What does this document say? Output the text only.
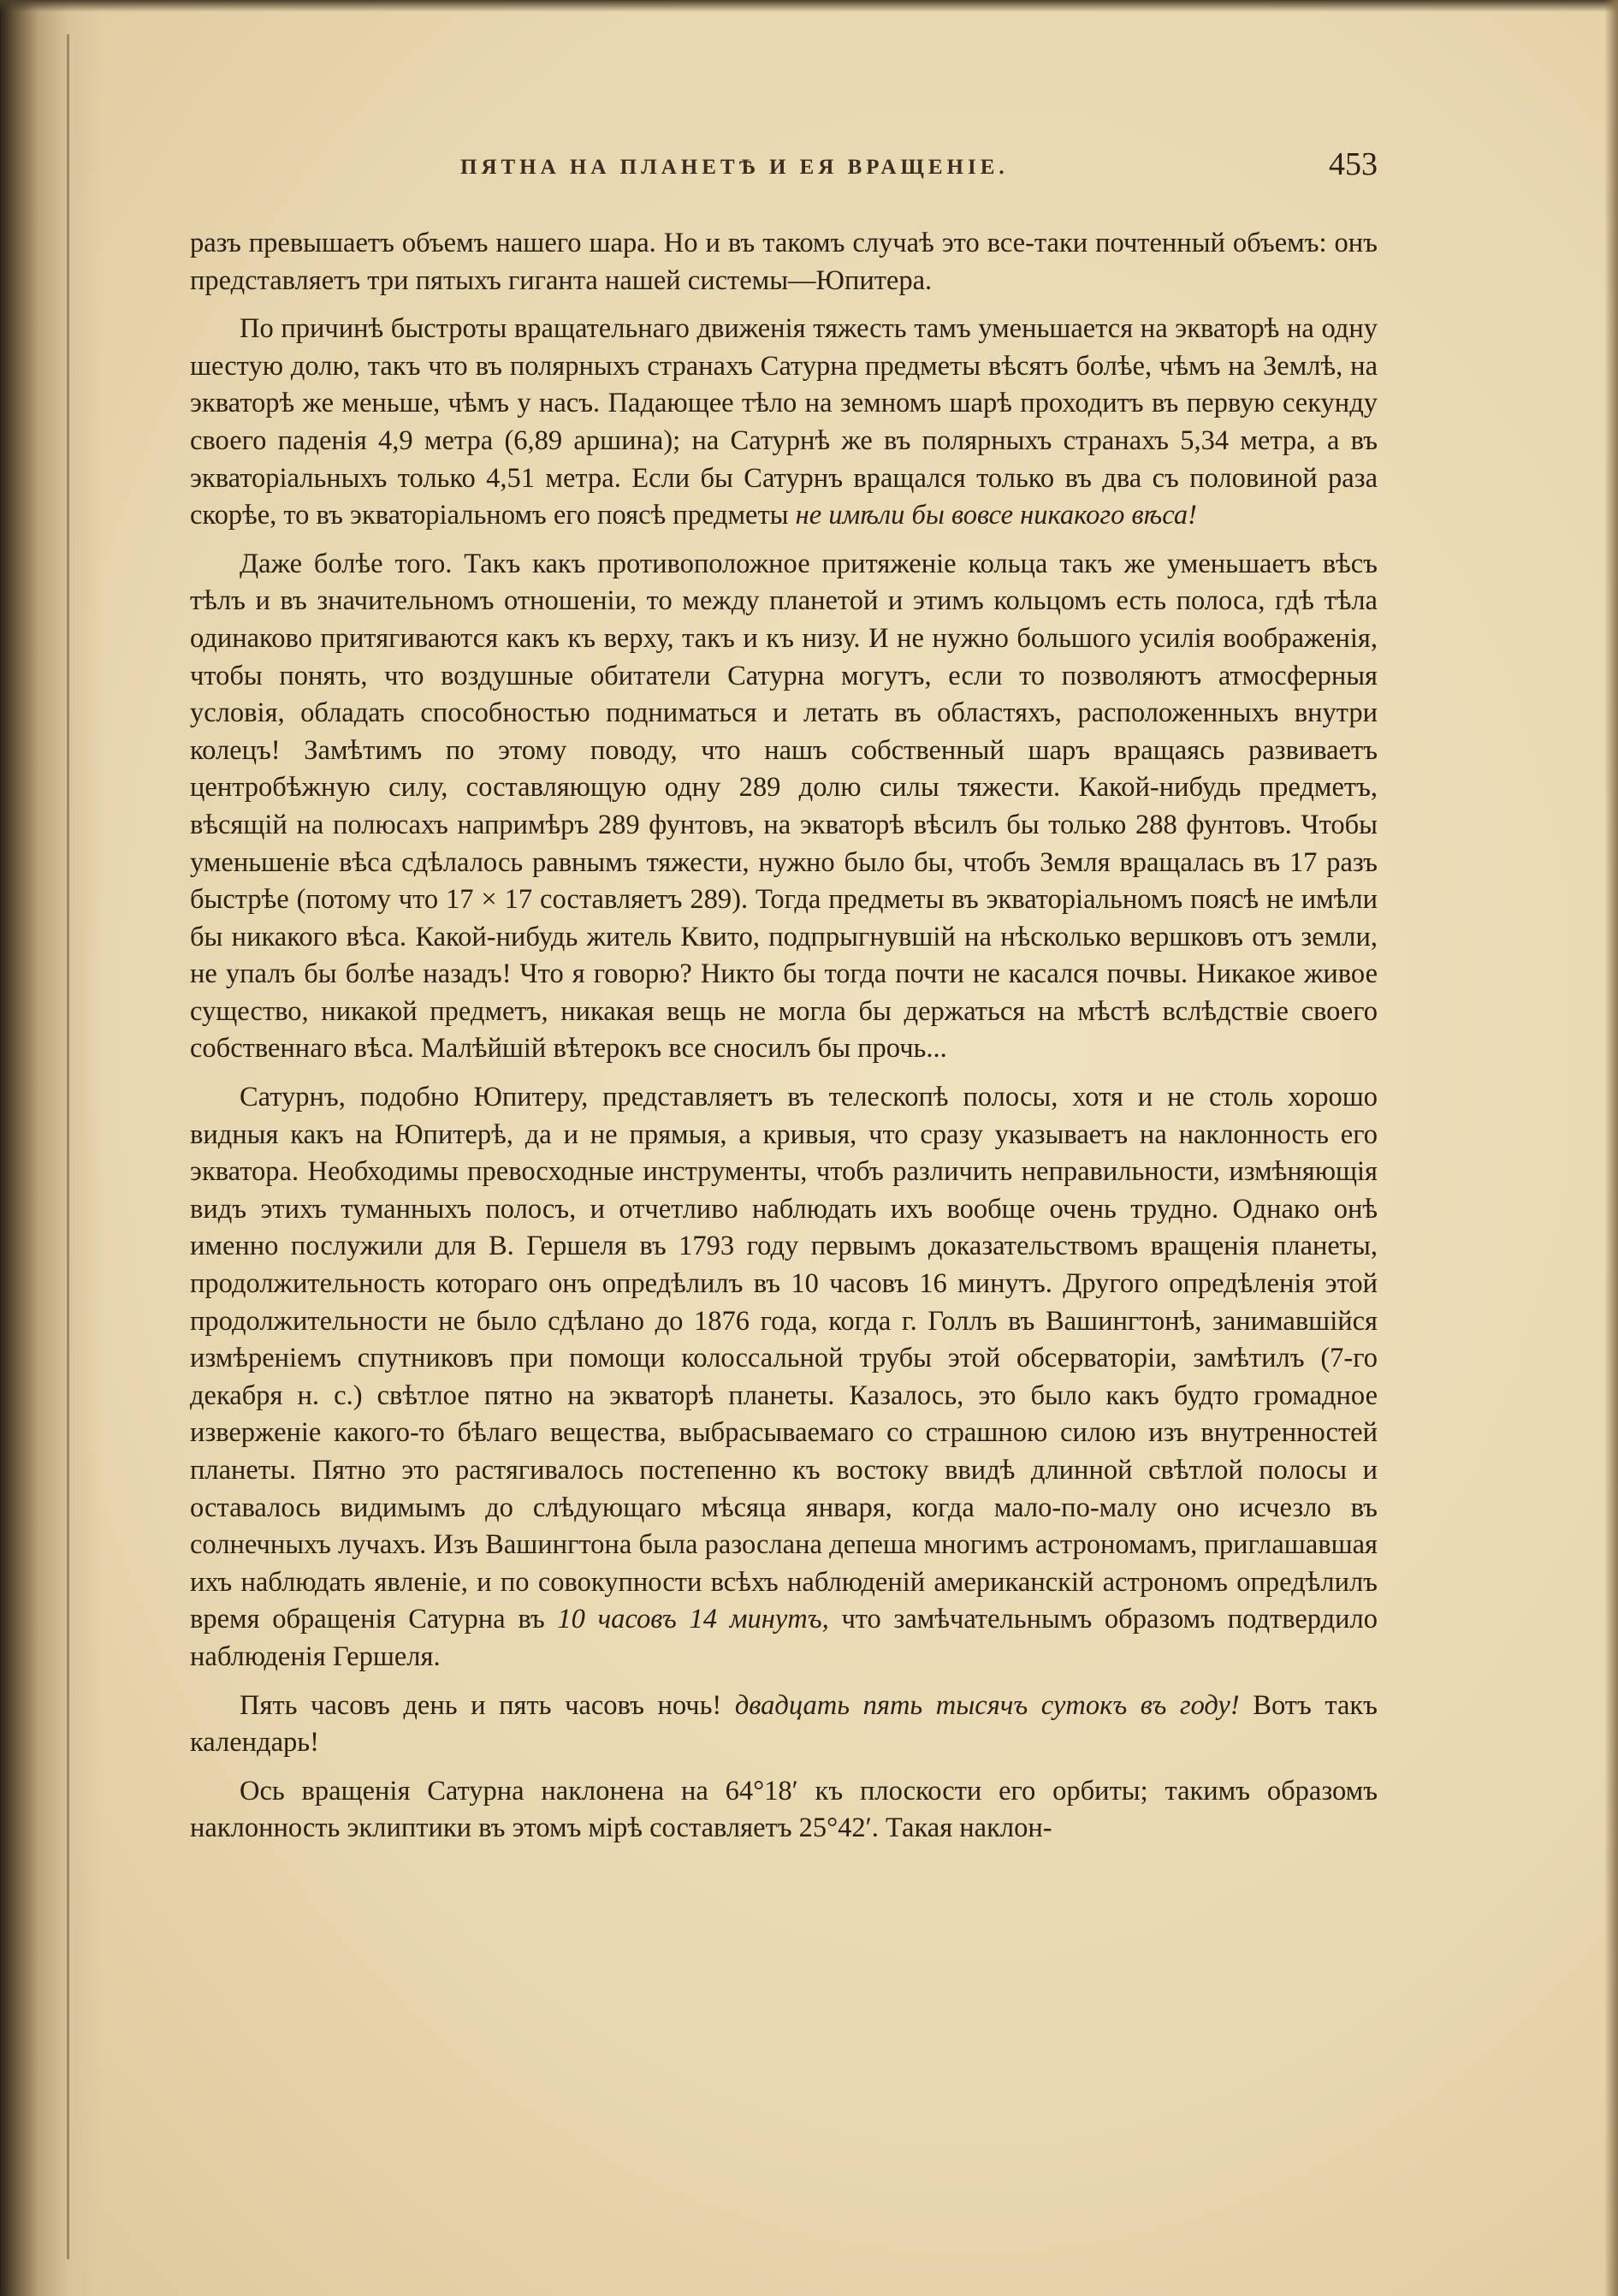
ПЯТНА НА ПЛАНЕТѢ И ЕЯ ВРАЩЕНІЕ.	453

разъ превышаетъ объемъ нашего шара. Но и въ такомъ случаѣ это все-таки почтенный объемъ: онъ представляетъ три пятыхъ гиганта нашей системы—Юпитера.

По причинѣ быстроты вращательнаго движенія тяжесть тамъ уменьшается на экваторѣ на одну шестую долю, такъ что въ полярныхъ странахъ Сатурна предметы вѣсятъ болѣе, чѣмъ на Землѣ, на экваторѣ же меньше, чѣмъ у насъ. Падающее тѣло на земномъ шарѣ проходитъ въ первую секунду своего паденія 4,9 метра (6,89 аршина); на Сатурнѣ же въ полярныхъ странахъ 5,34 метра, а въ экваторіальныхъ только 4,51 метра. Если бы Сатурнъ вращался только въ два съ половиной раза скорѣе, то въ экваторіальномъ его поясѣ предметы не имѣли бы вовсе никакого вѣса!

Даже болѣе того. Такъ какъ противоположное притяженіе кольца такъ же уменьшаетъ вѣсъ тѣлъ и въ значительномъ отношеніи, то между планетой и этимъ кольцомъ есть полоса, гдѣ тѣла одинаково притягиваются какъ къ верху, такъ и къ низу. И не нужно большого усилія воображенія, чтобы понять, что воздушные обитатели Сатурна могутъ, если то позволяютъ атмосферныя условія, обладать способностью подниматься и летать въ областяхъ, расположенныхъ внутри колецъ! Замѣтимъ по этому поводу, что нашъ собственный шаръ вращаясь развиваетъ центробѣжную силу, составляющую одну 289 долю силы тяжести. Какой-нибудь предметъ, вѣсящій на полюсахъ напримѣръ 289 фунтовъ, на экваторѣ вѣсилъ бы только 288 фунтовъ. Чтобы уменьшеніе вѣса сдѣлалось равнымъ тяжести, нужно было бы, чтобъ Земля вращалась въ 17 разъ быстрѣе (потому что 17 × 17 составляетъ 289). Тогда предметы въ экваторіальномъ поясѣ не имѣли бы никакого вѣса. Какой-нибудь житель Квито, подпрыгнувшій на нѣсколько вершковъ отъ земли, не упалъ бы болѣе назадъ! Что я говорю? Никто бы тогда почти не касался почвы. Никакое живое существо, никакой предметъ, никакая вещь не могла бы держаться на мѣстѣ вслѣдствіе своего собственнаго вѣса. Малѣйшій вѣтерокъ все сносилъ бы прочь...

Сатурнъ, подобно Юпитеру, представляетъ въ телескопѣ полосы, хотя и не столь хорошо видныя какъ на Юпитерѣ, да и не прямыя, а кривыя, что сразу указываетъ на наклонность его экватора. Необходимы превосходные инструменты, чтобъ различить неправильности, измѣняющія видъ этихъ туманныхъ полосъ, и отчетливо наблюдать ихъ вообще очень трудно. Однако онѣ именно послужили для В. Гершеля въ 1793 году первымъ доказательствомъ вращенія планеты, продолжительность котораго онъ опредѣлилъ въ 10 часовъ 16 минутъ. Другого опредѣленія этой продолжительности не было сдѣлано до 1876 года, когда г. Голлъ въ Вашингтонѣ, занимавшійся измѣреніемъ спутниковъ при помощи колоссальной трубы этой обсерваторіи, замѣтилъ (7-го декабря н. с.) свѣтлое пятно на экваторѣ планеты. Казалось, это было какъ будто громадное изверженіе какого-то бѣлаго вещества, выбрасываемаго со страшною силою изъ внутренностей планеты. Пятно это растягивалось постепенно къ востоку ввидѣ длинной свѣтлой полосы и оставалось видимымъ до слѣдующаго мѣсяца января, когда мало-по-малу оно исчезло въ солнечныхъ лучахъ. Изъ Вашингтона была разослана депеша многимъ астрономамъ, приглашавшая ихъ наблюдать явленіе, и по совокупности всѣхъ наблюденій американскій астрономъ опредѣлилъ время обращенія Сатурна въ 10 часовъ 14 минутъ, что замѣчательнымъ образомъ подтвердило наблюденія Гершеля.

Пять часовъ день и пять часовъ ночь! двадцать пять тысячъ сутокъ въ году! Вотъ такъ календарь!

Ось вращенія Сатурна наклонена на 64°18′ къ плоскости его орбиты; такимъ образомъ наклонность эклиптики въ этомъ мірѣ составляетъ 25°42′. Такая наклон-
